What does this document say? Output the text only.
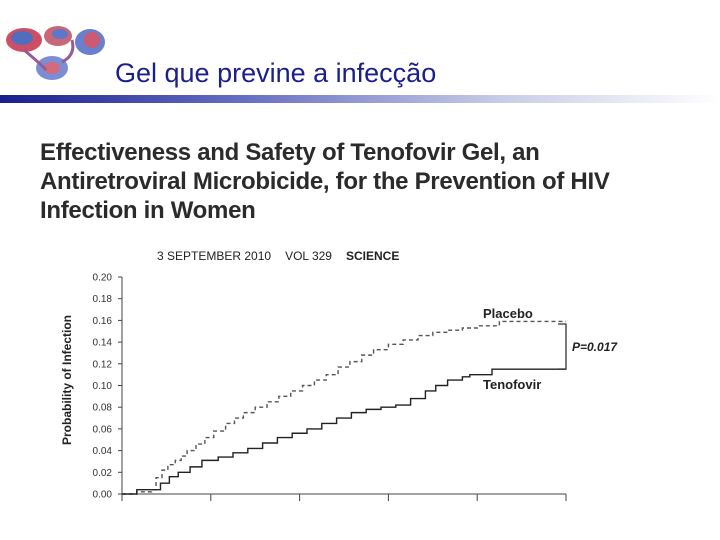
Gel que previne a infecção
Effectiveness and Safety of Tenofovir Gel, an Antiretroviral Microbicide, for the Prevention of HIV Infection in Women
3 SEPTEMBER 2010 VOL 329 SCIENCE
0.00
0.02
0.04
0.06
0.08
0.10
0.12
0.14
0.16
0.18
0.20
Probability of Infection
Placebo
Tenofovir
P=0.017
